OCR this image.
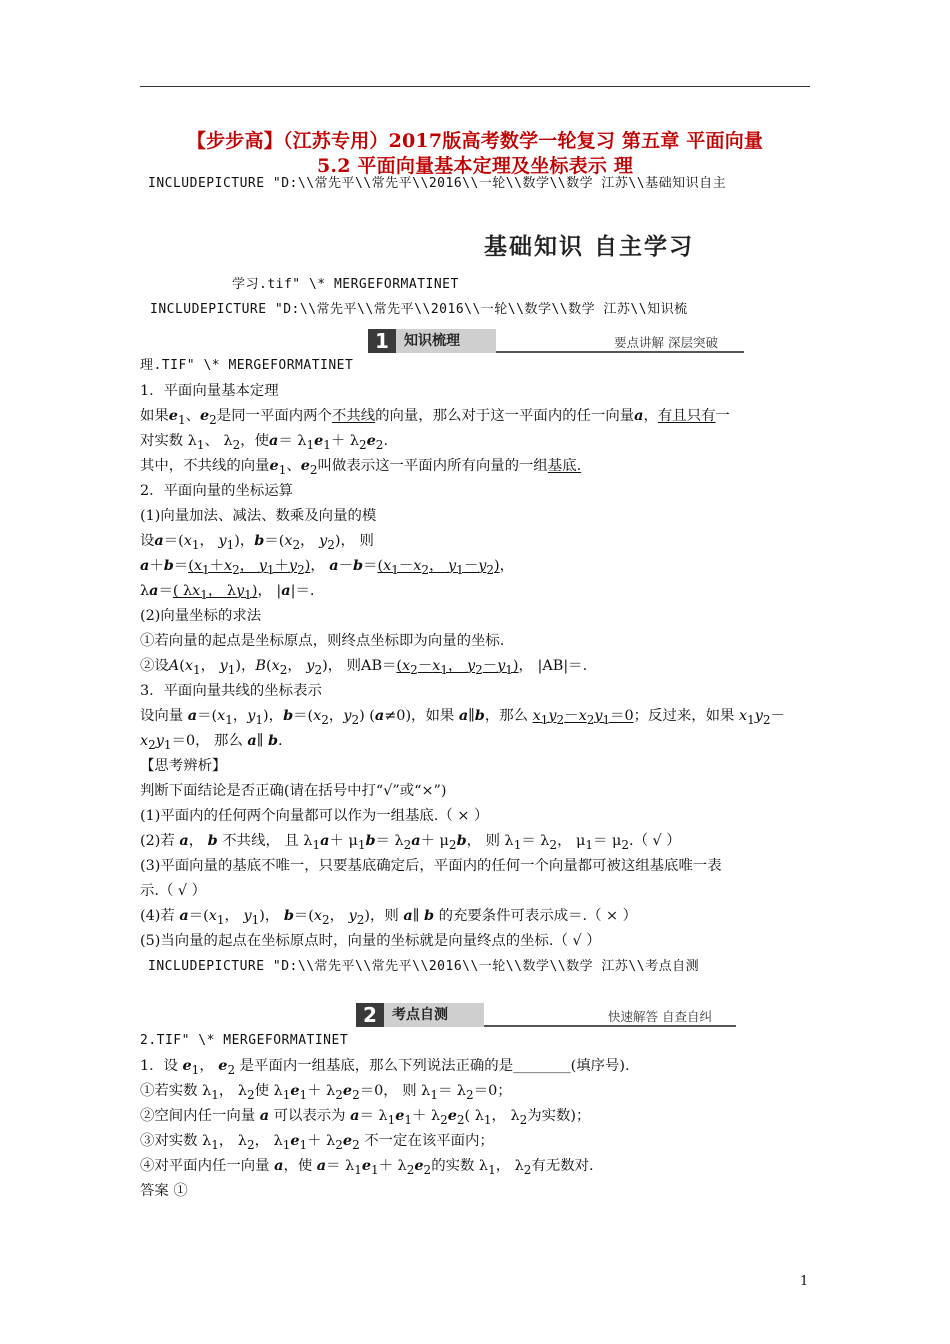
【步步高】（江苏专用）2017版高考数学一轮复习 第五章 平面向量
5.2 平面向量基本定理及坐标表示 理
INCLUDEPICTURE "D:\\常先平\\常先平\\2016\\一轮\\数学\\数学 江苏\\基础知识自主
基础知识 自主学习
学习.tif" \* MERGEFORMATINET
INCLUDEPICTURE "D:\\常先平\\常先平\\2016\\一轮\\数学\\数学 江苏\\知识梳
1	知识梳理	要点讲解 深层突破
理.TIF" \* MERGEFORMATINET
1．平面向量基本定理
如果$e_1$、$e_2$是同一平面内两个不共线的向量，那么对于这一平面内的任一向量a，有且只有一
对实数 $\lambda_1$、 $\lambda_2$，使$a= \lambda_1e_1+ \lambda_2e_2$.
其中，不共线的向量$e_1$、$e_2$叫做表示这一平面内所有向量的一组基底.
2．平面向量的坐标运算
(1)向量加法、减法、数乘及向量的模
设$a=(x_1$， $y_1$)，$b=(x_2$， $y_2$)， 则
$a+b=(x_1+x_2$， $y_1+y_2$)， $a-b=(x_1-x_2$， $y_1-y_2$)，
λa＝( $\lambda x_1$， $\lambda y_1$)， |a|＝.
(2)向量坐标的求法
①若向量的起点是坐标原点，则终点坐标即为向量的坐标.
②设$A(x_1$， $y_1$)，$B(x_2$， $y_2$)， 则$AB=(x_2-x_1$， $y_2-y_1$)， |AB|＝.
3．平面向量共线的坐标表示
设向量 $a=(x_1$，$y_1$)，$b=(x_2$，$y_2$) (a≠0)，如果 a∥b，那么 $x_1y_2-x_2y_1=0$；反过来，如果 $x_1y_2-$
$x_2y_1=0$， 那么 a∥ b.
【思考辨析】
判断下面结论是否正确(请在括号中打“√”或“×”)
(1)平面内的任何两个向量都可以作为一组基底.（ × ）
(2)若 a， b 不共线， 且 $\lambda_1a+ \mu_1b= \lambda_2a+ \mu_2b$， 则 $\lambda_1= \lambda_2$， $\mu_1= \mu_2$.（ √ ）
(3)平面向量的基底不唯一，只要基底确定后，平面内的任何一个向量都可被这组基底唯一表
示.（ √ ）
(4)若 $a=(x_1$， $y_1$)， $b=(x_2$， $y_2$)，则 a∥ b 的充要条件可表示成＝.（ × ）
(5)当向量的起点在坐标原点时，向量的坐标就是向量终点的坐标.（ √ ）
INCLUDEPICTURE "D:\\常先平\\常先平\\2016\\一轮\\数学\\数学 江苏\\考点自测
2	考点自测	快速解答 自查自纠
2.TIF" \* MERGEFORMATINET
1．设 $e_1$， $e_2$ 是平面内一组基底，那么下列说法正确的是________(填序号).
①若实数 $\lambda_1$， $\lambda_2$使 $\lambda_1e_1+ \lambda_2e_2=0$， 则 $\lambda_1= \lambda_2=0$；
②空间内任一向量 a 可以表示为 $a= \lambda_1e_1+ \lambda_2e_2$( $\lambda_1$， $\lambda_2$为实数)；
③对实数 $\lambda_1$， $\lambda_2$， $\lambda_1e_1+ \lambda_2e_2$ 不一定在该平面内；
④对平面内任一向量 a，使 $a= \lambda_1e_1+ \lambda_2e_2$的实数 $\lambda_1$， $\lambda_2$有无数对.
答案 ①
1
